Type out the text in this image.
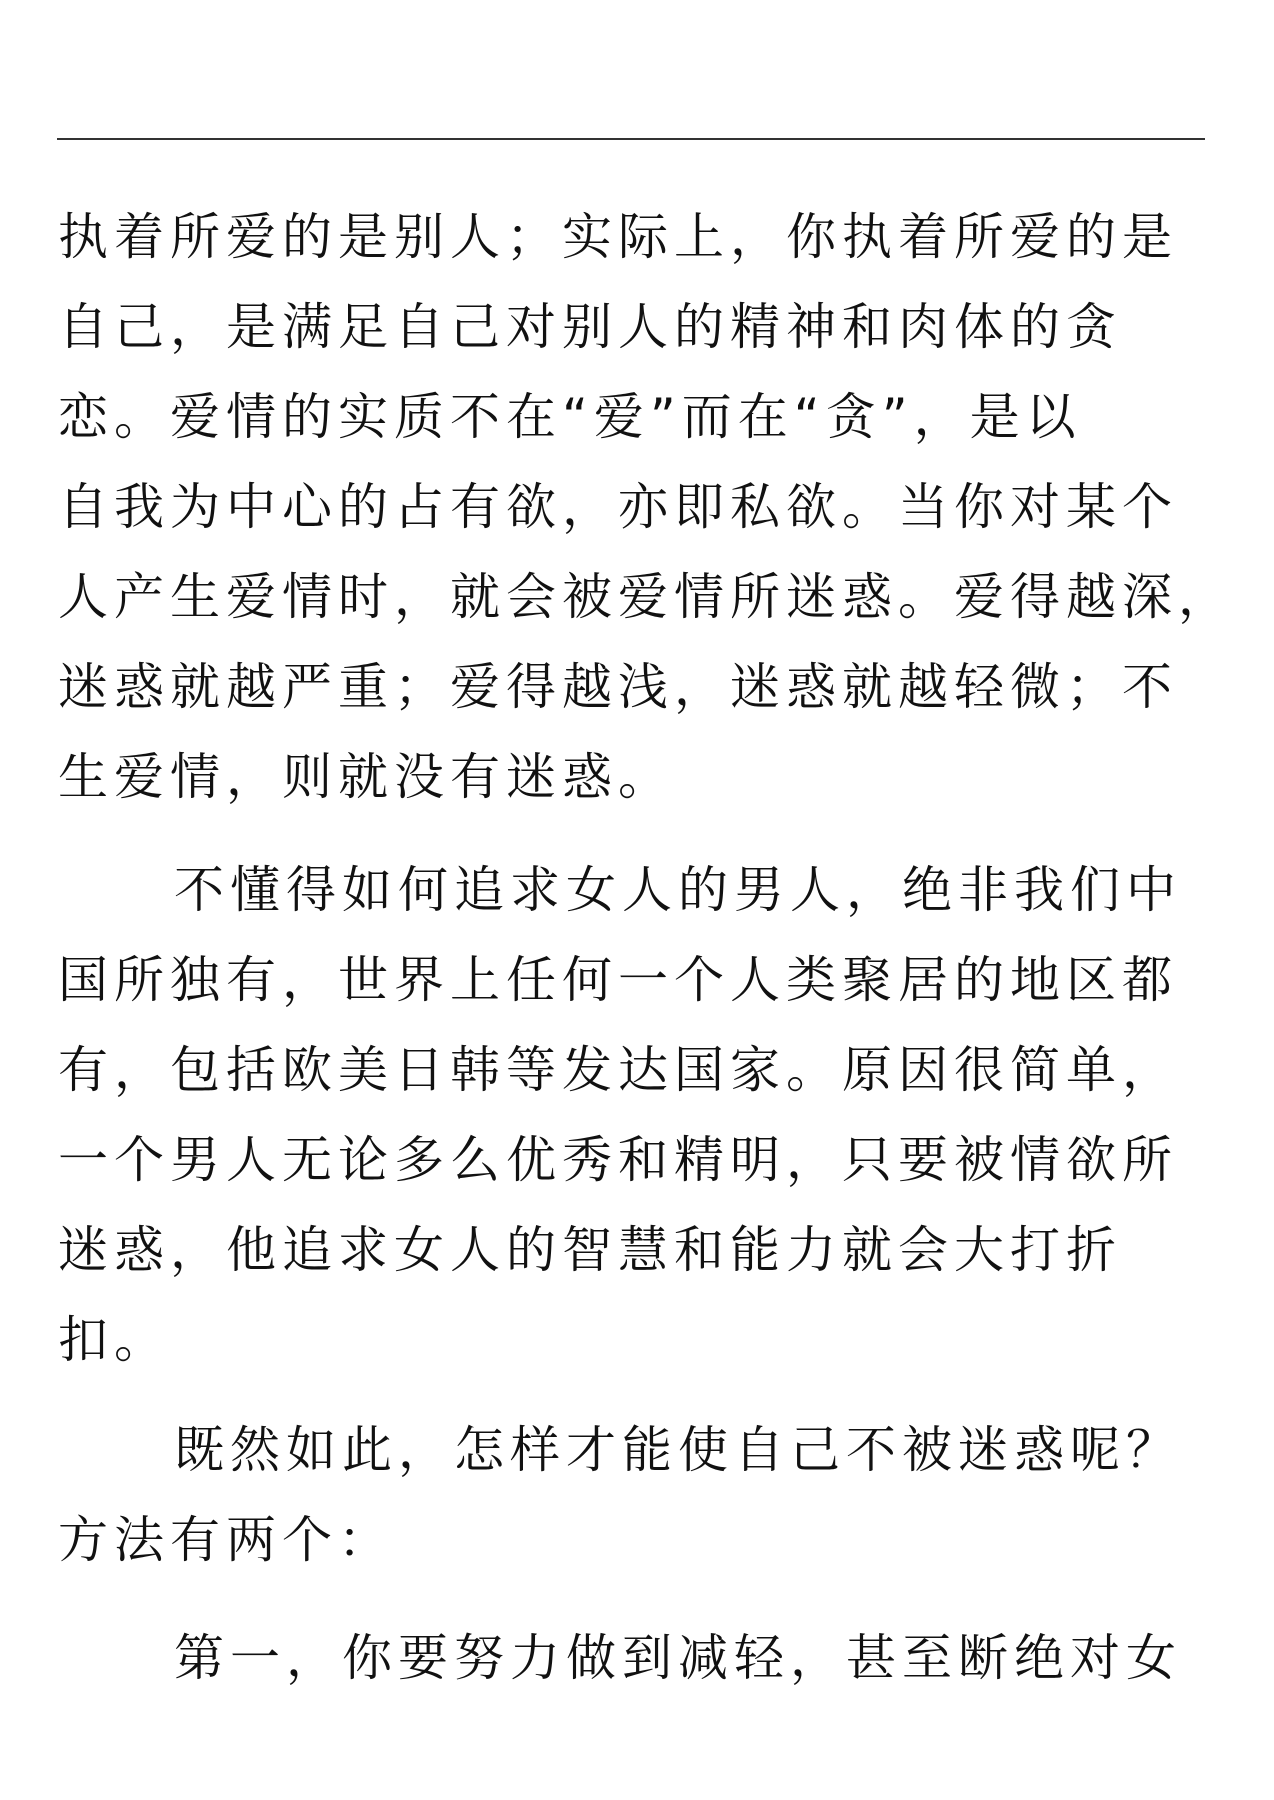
执着所爱的是别人；实际上，你执着所爱的是
自己，是满足自己对别人的精神和肉体的贪
恋。爱情的实质不在“爱”而在“贪”，是以
自我为中心的占有欲，亦即私欲。当你对某个
人产生爱情时，就会被爱情所迷惑。爱得越深，
迷惑就越严重；爱得越浅，迷惑就越轻微；不
生爱情，则就没有迷惑。
不懂得如何追求女人的男人，绝非我们中
国所独有，世界上任何一个人类聚居的地区都
有，包括欧美日韩等发达国家。原因很简单，
一个男人无论多么优秀和精明，只要被情欲所
迷惑，他追求女人的智慧和能力就会大打折
扣。
既然如此，怎样才能使自己不被迷惑呢？
方法有两个：
第一，你要努力做到减轻，甚至断绝对女
